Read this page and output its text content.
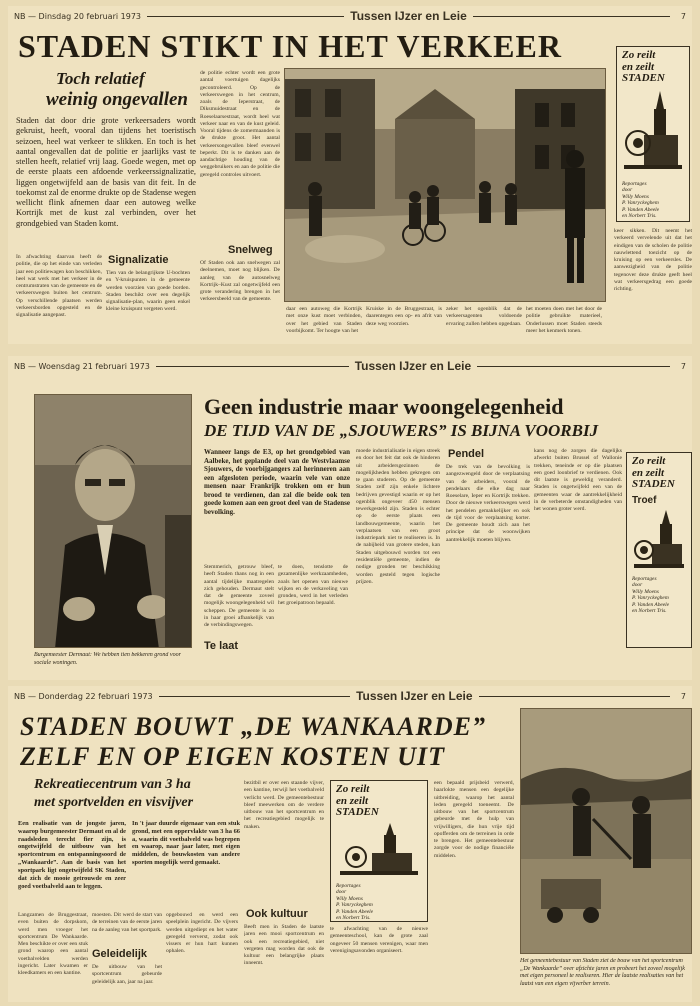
NB — Dinsdag 20 februari 1973	Tussen IJzer en Leie	7
STADEN STIKT IN HET VERKEER
Toch relatief
weinig ongevallen
Staden dat door drie grote verkeersaders wordt gekruist, heeft, vooral dan tijdens het toeristisch seizoen, heel wat verkeer te slikken. En toch is het aantal ongevallen dat de politie er jaarlijks vast te stellen heeft, relatief vrij laag. Goede wegen, met op de eerste plaats een afdoende verkeerssignalizatie, liggen ongetwijfeld aan de basis van dit feit. In de toekomst zal de enorme drukte op de Stadense wegen wellicht flink afnemen daar een autoweg welke Kortrijk met de kust zal verbinden, over het grondgebied van Staden komt.
In afwachting daarvan heeft de politie, die op het einde van verleden jaar een politiewagen kon beschikken, heel wat werk met het verkeer in de centrumstraten van de gemeente en de verkeerswegen buiten het centrum. Op verschillende plaatsen werden verkeersborden opgesteld en de signalisatie aangepast.
Signalizatie
Tien van de belangrijkste U-bochten en Y-kruispunten in de gemeente werden voorzien van goede borden. Staden beschikt over een degelijk signalisatie-plan, waarin geen enkel kleine kruispunt vergeten werd.
de politie echter wordt een grote aantal voertuigen dagelijks gecontroleerd. Op de verkeerswegen in het centrum, zoals de Ieperstraat, de Diksmuidestraat en de Roeselaarsestraat, wordt heel wat verkeer naar en van de kust geleid. Vooral tijdens de zomermaanden is de drukte groot. Het aantal verkeersongevallen bleef evenwel beperkt. Dit is te danken aan de aandachtige houding van de weggebruikers en aan de politie die geregeld controles uitvoert.
Snelweg
Of Staden ook aan snelwegen zal deelnemen, moet nog blijken. De aanleg van de autosnelweg Kortrijk–Kust zal ongetwijfeld een grote verandering brengen in het verkeersbeeld van de gemeente.
daar een autoweg die Kortrijk met onze kust moet verbinden, over het gebied van Staden voorbijkomt. Ter hoogte van het
Kruiske in de Bruggestraat, is daarentegen een op- en afrit van deze weg voorzien.
zeker het ogenblik dat de verkeersagenten voldoende ervaring zullen hebben opgedaan.
het moeten doen met het door de politie gebruikte materieel, Onderlussen moet Staden steeds meer het kenmerk tonen.
Zo reilt
en zeilt
STADEN
Reportages
door
Willy Moens
P. Vanryckeghem
P. Vanden Abeele
en Norbert Tris.
keer sikken. Dit neemt het verkeerd vervelende uit dat het eindigen van de scholen de politie nauwlettend toezicht op de kruising op een verkeersles. De aanwezigheid van de politie tegenover deze drukte geeft heel wat verkeersgedrag een goede richting.
NB — Woensdag 21 februari 1973	Tussen IJzer en Leie	7
Burgemeester Dermaut: We hebben tien bekkeren grond voor sociale woningen.
Geen industrie maar woongelegenheid
DE TIJD VAN DE „SJOUWERS” IS BIJNA VOORBIJ
Wanneer langs de E3, op het grondgebied van Aalbeke, het geplande deel van de Westvlaamse Sjouwers, de voorbijgangers zal herinneren aan een afgesloten periode, waarin vele van onze mensen naar Frankrijk trokken om er hun brood te verdienen, dan zal die beide ook ten goede komen aan een groot deel van de Stadense bevolking.
Stemmerich, getrouw bleef, heeft Staden thans nog in een aantal tijdelijke maatregelen zich gehouden. Dermaut stelt dat de gemeente zoveel mogelijk woongelegenheid wil scheppen. De gemeente is zo in haar groei afhankelijk van de verbindingswegen.
Te laat
te doen, tenslotte de gezamenlijke werkzaamheden, zoals het openen van nieuwe wijken en de verkaveling van gronden, werd in het verleden het groeipatroon bepaald.
moede industrialisatie in eigen streek en door het feit dat ook de hinderen uit arbeidersgezinnen de mogelijkheden hebben gekregen om te gaan studeren. Op de gemeente Staden zelf zijn enkele lichtere bedrijven gevestigd waarin er op het ogenblik ongeveer 450 mensen tewerkgesteld zijn. Staden is echter op de eerste plaats een landbouwgemeente, waarin het verplaatsen van een groot industriepark niet te realiseren is. In de nabijheid van grotere steden, kan Staden uitgebouwd worden tot een residentiële gemeente, indien de nodige gronden ter beschikking worden gesteld tegen logische prijzen.
Pendel
De trek van de bevolking is aangezwengeld door de verplaatsing van de arbeiders, vooral de pendelaars die elke dag naar Roeselare, Ieper en Kortrijk trekken. Door de nieuwe verkeerswegen werd het pendelen gemakkelijker en ook de tijd voor de verplaatsing korter. De gemeente houdt zich aan het principe dat de woonwijken aantrekkelijk moeten blijven.
kans nog de zorgen die dagelijks afwerkt buiten Brussel of Wallonie trekken, teneinde er op die plaatsen een goed loonbrief te verdienen. Ook dit laatste is geweldig veranderd. Staden is ongetwijfeld een van de gemeenten waar de aantrekkelijkheid in de verbeterde omstandigheden van het wonen groter werd.
Zo reilt
en zeilt
STADEN
Troef
Reportages
door
Willy Moens
P. Vanryckeghem
P. Vanden Abeele
en Norbert Tris.
NB — Donderdag 22 februari 1973	Tussen IJzer en Leie	7
STADEN BOUWT „DE WANKAARDE”
ZELF EN OP EIGEN KOSTEN UIT
Rekreatiecentrum van 3 ha
met sportvelden en visvijver
Een realisatie van de jongste jaren, waarop burgemeester Dermaut en al de raadsleden terecht fier zijn, is ongetwijfeld de uitbouw van het sportcentrum en ontspanningsoord de „Wankaarde”. Aan de basis van het sportpark ligt ongetwijfeld SK Staden, dat zich de mooie getrouwde en zeer goed voetbalveld aan te leggen.
In 't jaar duurde eigenaar van een stuk grond, met een oppervlakte van 3 ha 66 a, waarin dit voetbalveld was begrepen en waarop, naar jaar later, met eigen middelen, de bouwkosten van andere sporten mogelijk werd gemaakt.
Langzamen de Bruggestraat, even buiten de dorpskom, werd men vroeger het sportcentrum De Wankaarde. Men beschikte er over een stuk grond waarop een aantal voetbalvelden werden ingericht. Later kwamen er kleedkamers en een kantine.
moesten. Dit werd de start van de terreinen van de eerste jaren na de aanleg van het sportpark.
Geleidelijk
De uitbouw van het sportcentrum gebeurde geleidelijk aan, jaar na jaar.
opgebouwd en werd een speelplein ingericht. De vijvers werden uitgediept en het water geregeld ververst, zodat ook vissers er hun hart kunnen ophalen.
bezitbil er over een staande vijver, een kantine, terwijl het voetbalveld verlicht werd. De gemeentebestuur bleef meewerken om de verdere uitbouw van het sportcentrum en het recreatiegebied mogelijk te maken.
Ook kultuur
Beeft men in Staden de laatste jaren een mooi sportcentrum en ook een recreatiegebied, niet vergeten mag worden dat ook de kultuur een belangrijke plaats inneemt.
Zo reilt
en zeilt
STADEN
Reportages
door
Willy Moens
P. Vanryckeghem
P. Vanden Abeele
en Norbert Tris.
te afwachting van de nieuwe gemeenteschool, kan de grote zaal ongeveer 50 mensen verenigen, waar men verenigingsavonden organiseert.
een bepaald prijsbeid verwerd, haarlokte mensen een degelijke uitbreiding, waarop het aantal leden geregeld toeneemt. De uitbouw van het sportcentrum gebeurde met de hulp van vrijwilligers, die hun vrije tijd opofferden om de terreinen in orde te brengen. Het gemeentebestuur zorgde voor de nodige financiële middelen.
Het gemeentebestuur van Staden ziet de bouw van het sportcentrum „De Wankaarde” over afzichte jaren en probeert het zoveel mogelijk met eigen personeel te realiseren. Hier de laatste realisaties van het laatst van een eigen vijverber terrein.
